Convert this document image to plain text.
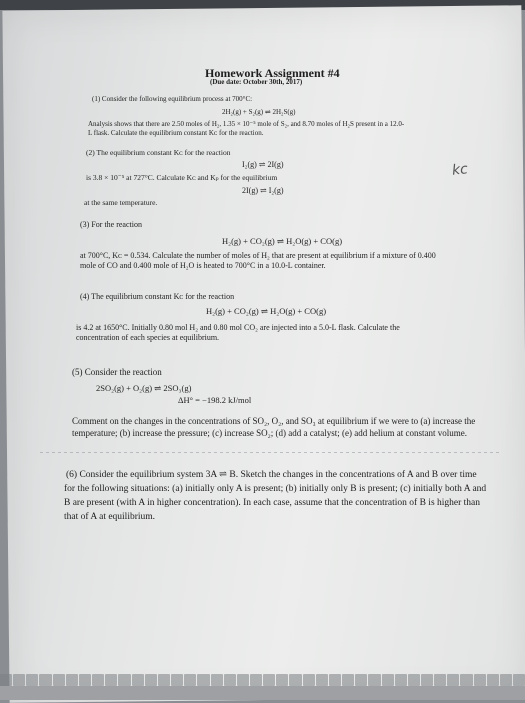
Homework Assignment #4
(Due date: October 30th, 2017)
(1) Consider the following equilibrium process at 700°C:
2H₂(g) + S₂(g) ⇌ 2H₂S(g)
Analysis shows that there are 2.50 moles of H₂, 1.35 × 10⁻⁵ mole of S₂, and 8.70 moles of H₂S present in a 12.0-
L flask. Calculate the equilibrium constant Kᴄ for the reaction.
(2) The equilibrium constant Kᴄ for the reaction
I₂(g) ⇌ 2I(g)
is 3.8 × 10⁻⁵ at 727°C. Calculate Kᴄ and Kₚ for the equilibrium
2I(g) ⇌ I₂(g)
at the same temperature.
kc
(3) For the reaction
H₂(g) + CO₂(g) ⇌ H₂O(g) + CO(g)
at 700°C, Kᴄ = 0.534. Calculate the number of moles of H₂ that are present at equilibrium if a mixture of 0.400
mole of CO and 0.400 mole of H₂O is heated to 700°C in a 10.0-L container.
(4) The equilibrium constant Kᴄ for the reaction
H₂(g) + CO₂(g) ⇌ H₂O(g) + CO(g)
is 4.2 at 1650°C. Initially 0.80 mol H₂ and 0.80 mol CO₂ are injected into a 5.0-L flask. Calculate the
concentration of each species at equilibrium.
(5) Consider the reaction
2SO₂(g) + O₂(g) ⇌ 2SO₃(g)
ΔH° = −198.2 kJ/mol
Comment on the changes in the concentrations of SO₂, O₂, and SO₃ at equilibrium if we were to (a) increase the
temperature; (b) increase the pressure; (c) increase SO₂; (d) add a catalyst; (e) add helium at constant volume.
(6) Consider the equilibrium system 3A ⇌ B. Sketch the changes in the concentrations of A and B over time
for the following situations: (a) initially only A is present; (b) initially only B is present; (c) initially both A and
B are present (with A in higher concentration). In each case, assume that the concentration of B is higher than
that of A at equilibrium.
